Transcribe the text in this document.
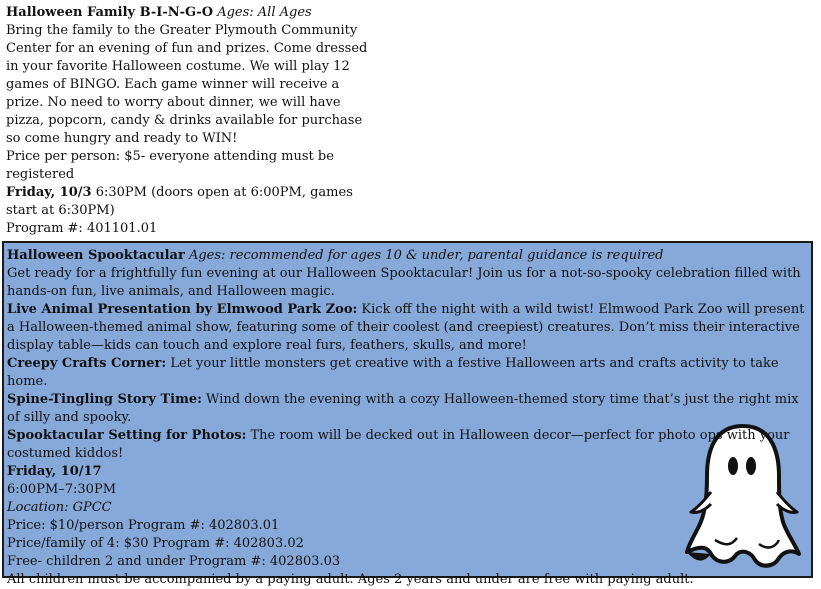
Halloween Family B-I-N-G-O Ages: All Ages

Bring the family to the Greater Plymouth Community Center for an evening of fun and prizes. Come dressed in your favorite Halloween costume. We will play 12 games of BINGO. Each game winner will receive a prize. No need to worry about dinner, we will have pizza, popcorn, candy & drinks available for purchase so come hungry and ready to WIN!

Price per person: $5- everyone attending must be registered

Friday, 10/3 6:30PM (doors open at 6:00PM, games start at 6:30PM)

Program #: 401101.01

Halloween Spooktacular Ages: recommended for ages 10 & under, parental guidance is required

Get ready for a frightfully fun evening at our Halloween Spooktacular! Join us for a not-so-spooky celebration filled with hands-on fun, live animals, and Halloween magic.

Live Animal Presentation by Elmwood Park Zoo: Kick off the night with a wild twist! Elmwood Park Zoo will present a Halloween-themed animal show, featuring some of their coolest (and creepiest) creatures. Don’t miss their interactive display table—kids can touch and explore real furs, feathers, skulls, and more!

Creepy Crafts Corner: Let your little monsters get creative with a festive Halloween arts and crafts activity to take home.

Spine-Tingling Story Time: Wind down the evening with a cozy Halloween-themed story time that’s just the right mix of silly and spooky.

Spooktacular Setting for Photos: The room will be decked out in Halloween decor—perfect for photo ops with your costumed kiddos!

Friday, 10/17

6:00PM–7:30PM

Location: GPCC

Price: $10/person Program #: 402803.01

Price/family of 4: $30 Program #: 402803.02

Free- children 2 and under Program #: 402803.03

All children must be accompanied by a paying adult. Ages 2 years and under are free with paying adult.
